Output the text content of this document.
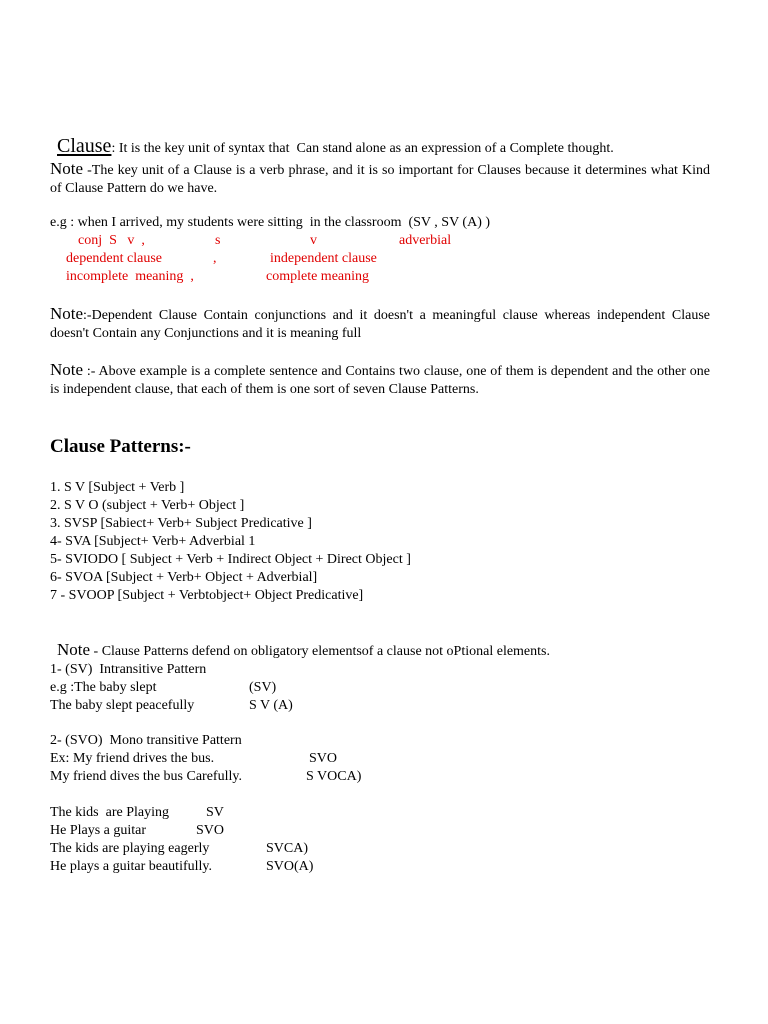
Clause: It is the key unit of syntax that  Can stand alone as an expression of a Complete thought.

Note -The key unit of a Clause is a verb phrase, and it is so important for Clauses because it determines what Kind of Clause Pattern do we have.

e.g : when I arrived, my students were sitting  in the classroom  (SV , SV (A) )
conj  S   v  ,	s	v	adverbial
dependent clause	,	independent clause
incomplete  meaning  ,	complete meaning

Note:-Dependent Clause Contain conjunctions and it doesn't a meaningful clause whereas independent Clause doesn't Contain any Conjunctions and it is meaning full

Note :- Above example is a complete sentence and Contains two clause, one of them is dependent and the other one is independent clause, that each of them is one sort of seven Clause Patterns.

Clause Patterns:-
1. S V [Subject + Verb ]
2. S V O (subject + Verb+ Object ]
3. SVSP [Sabiect+ Verb+ Subject Predicative ]
4- SVA [Subject+ Verb+ Adverbial 1
5- SVIODO [ Subject + Verb + Indirect Object + Direct Object ]
6- SVOA [Subject + Verb+ Object + Adverbial]
7 - SVOOP [Subject + Verbtobject+ Object Predicative]

Note - Clause Patterns defend on obligatory elementsof a clause not oPtional elements.

1- (SV)  Intransitive Pattern
e.g :The baby slept	(SV)
The baby slept peacefully	S V (A)
2- (SVO)  Mono transitive Pattern
Ex: My friend drives the bus.	SVO
My friend dives the bus Carefully.	S VOCA)
The kids  are Playing	SV
He Plays a guitar	SVO
The kids are playing eagerly	SVCA)
He plays a guitar beautifully.	SVO(A)
